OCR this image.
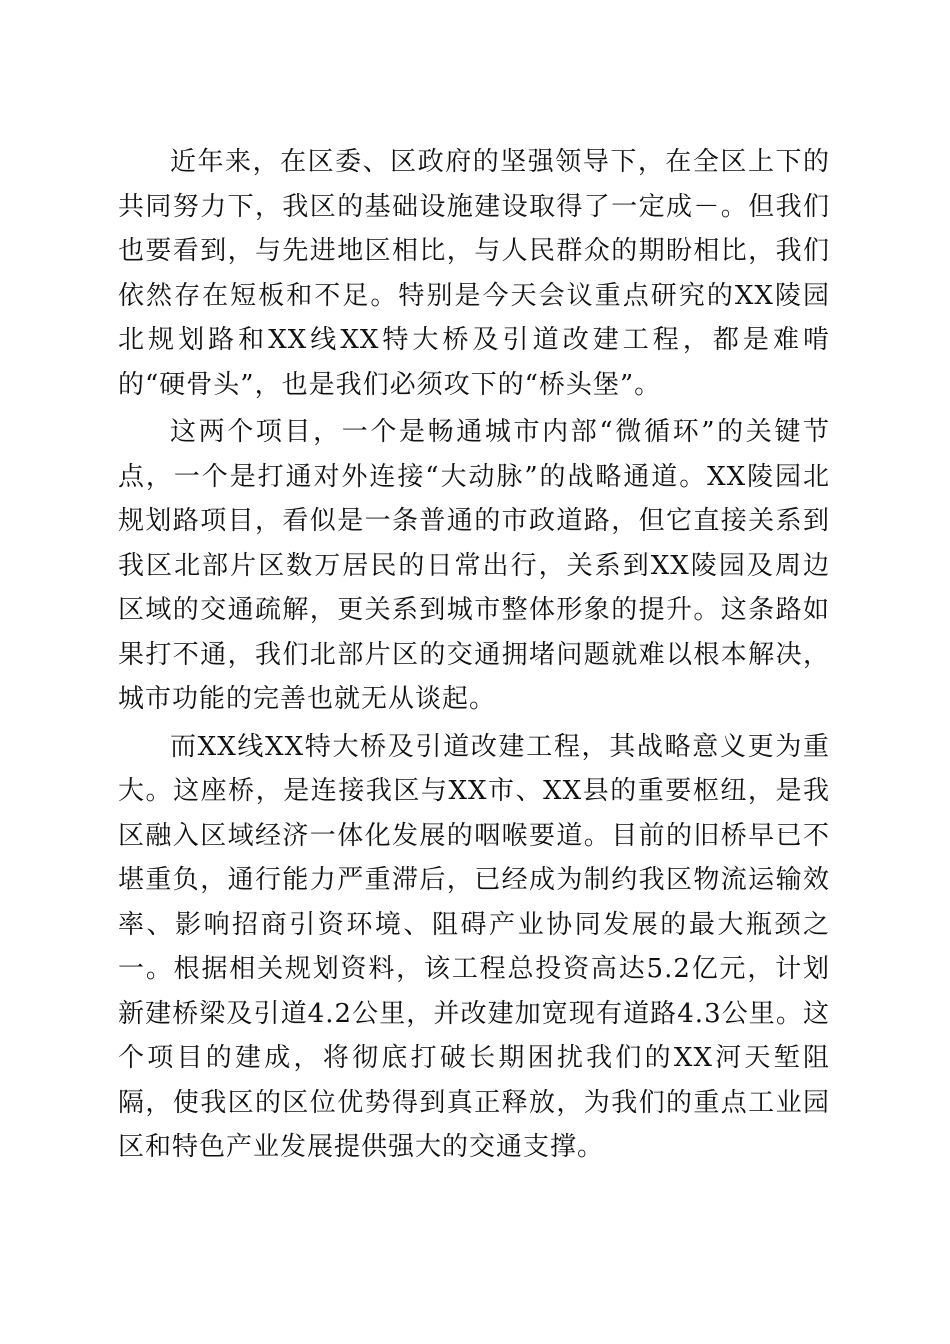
近年来，在区委、区政府的坚强领导下，在全区上下的共同努力下，我区的基础设施建设取得了一定成－。但我们也要看到，与先进地区相比，与人民群众的期盼相比，我们依然存在短板和不足。特别是今天会议重点研究的XX陵园北规划路和XX线XX特大桥及引道改建工程，都是难啃的“硬骨头”，也是我们必须攻下的“桥头堡”。

这两个项目，一个是畅通城市内部“微循环”的关键节点，一个是打通对外连接“大动脉”的战略通道。XX陵园北规划路项目，看似是一条普通的市政道路，但它直接关系到我区北部片区数万居民的日常出行，关系到XX陵园及周边区域的交通疏解，更关系到城市整体形象的提升。这条路如果打不通，我们北部片区的交通拥堵问题就难以根本解决，城市功能的完善也就无从谈起。

而XX线XX特大桥及引道改建工程，其战略意义更为重大。这座桥，是连接我区与XX市、XX县的重要枢纽，是我区融入区域经济一体化发展的咽喉要道。目前的旧桥早已不堪重负，通行能力严重滞后，已经成为制约我区物流运输效率、影响招商引资环境、阻碍产业协同发展的最大瓶颈之一。根据相关规划资料，该工程总投资高达5.2亿元，计划新建桥梁及引道4.2公里，并改建加宽现有道路4.3公里。这个项目的建成，将彻底打破长期困扰我们的XX河天堑阻隔，使我区的区位优势得到真正释放，为我们的重点工业园区和特色产业发展提供强大的交通支撑。
